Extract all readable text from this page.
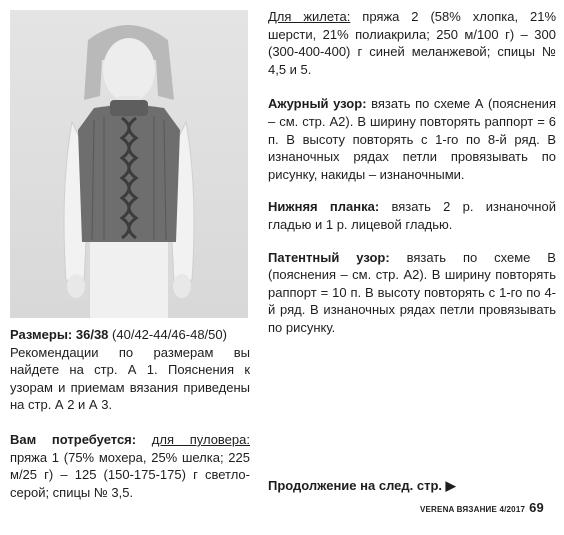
Размеры: 36/38 (40/42-44/46-48/50)

Рекомендации по размерам вы найдете на стр. А 1. Пояснения к узорам и приемам вязания приведены на стр. А 2 и А 3.

Вам потребуется: для пуловера: пряжа 1 (75% мохера, 25% шелка; 225 м/25 г) – 125 (150-175-175) г светло-серой; спицы № 3,5.

Для жилета: пряжа 2 (58% хлопка, 21% шерсти, 21% полиакрила; 250 м/100 г) – 300 (300-400-400) г синей меланжевой; спицы № 4,5 и 5.

Ажурный узор: вязать по схеме А (пояснения – см. стр. А2). В ширину повторять раппорт = 6 п. В высоту повторять с 1-го по 8-й ряд. В изнаночных рядах петли провязывать по рисунку, накиды – изнаночными.

Нижняя планка: вязать 2 р. изнаночной гладью и 1 р. лицевой гладью.

Патентный узор: вязать по схеме В (пояснения – см. стр. А2). В ширину повторять раппорт = 10 п. В высоту повторять с 1-го по 4-й ряд. В изнаночных рядах петли провязывать по рисунку.

Продолжение на след. стр. ▶
VERENA ВЯЗАНИЕ 4/2017 69
